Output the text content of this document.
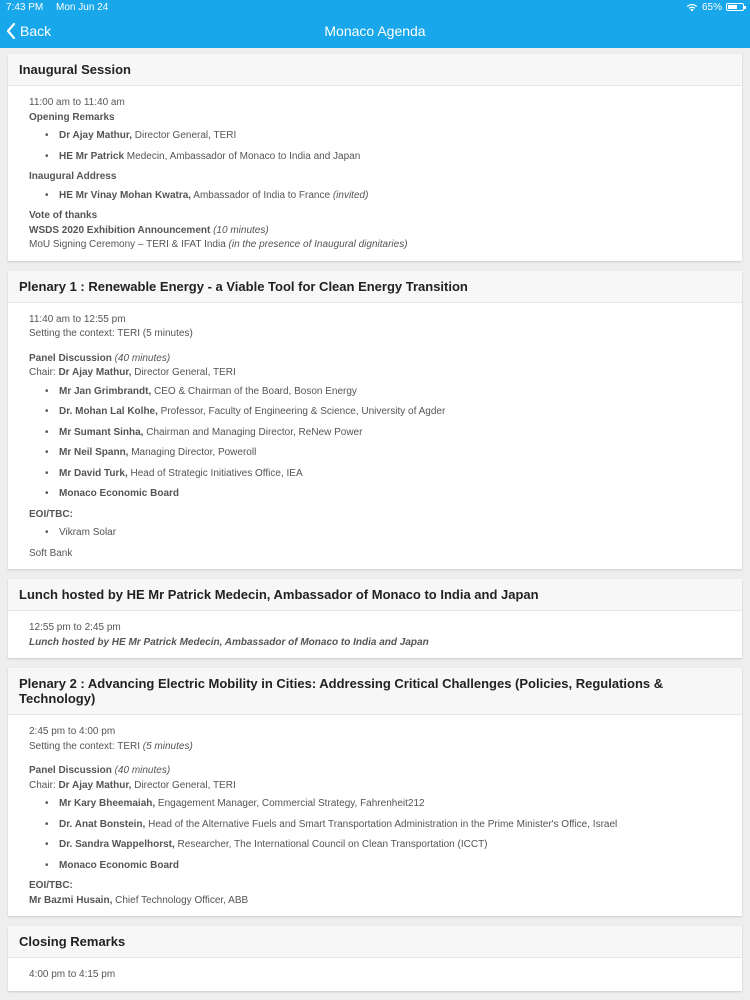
7:43 PM Mon Jun 24	65%
Back	Monaco Agenda
Inaugural Session
11:00 am to 11:40 am
Opening Remarks
• Dr Ajay Mathur, Director General, TERI
• HE Mr Patrick Medecin, Ambassador of Monaco to India and Japan
Inaugural Address
• HE Mr Vinay Mohan Kwatra, Ambassador of India to France (invited)
Vote of thanks
WSDS 2020 Exhibition Announcement (10 minutes)
MoU Signing Ceremony – TERI & IFAT India (in the presence of Inaugural dignitaries)
Plenary 1 : Renewable Energy - a Viable Tool for Clean Energy Transition
11:40 am to 12:55 pm
Setting the context: TERI (5 minutes)
Panel Discussion (40 minutes)
Chair: Dr Ajay Mathur, Director General, TERI
• Mr Jan Grimbrandt, CEO & Chairman of the Board, Boson Energy
• Dr. Mohan Lal Kolhe, Professor, Faculty of Engineering & Science, University of Agder
• Mr Sumant Sinha, Chairman and Managing Director, ReNew Power
• Mr Neil Spann, Managing Director, Poweroll
• Mr David Turk, Head of Strategic Initiatives Office, IEA
• Monaco Economic Board
EOI/TBC:
• Vikram Solar
Soft Bank
Lunch hosted by HE Mr Patrick Medecin, Ambassador of Monaco to India and Japan
12:55 pm to 2:45 pm
Lunch hosted by HE Mr Patrick Medecin, Ambassador of Monaco to India and Japan
Plenary 2 : Advancing Electric Mobility in Cities: Addressing Critical Challenges (Policies, Regulations & Technology)
2:45 pm to 4:00 pm
Setting the context: TERI (5 minutes)
Panel Discussion (40 minutes)
Chair: Dr Ajay Mathur, Director General, TERI
• Mr Kary Bheemaiah, Engagement Manager, Commercial Strategy, Fahrenheit212
• Dr. Anat Bonstein, Head of the Alternative Fuels and Smart Transportation Administration in the Prime Minister's Office, Israel
• Dr. Sandra Wappelhorst, Researcher, The International Council on Clean Transportation (ICCT)
• Monaco Economic Board
EOI/TBC:
Mr Bazmi Husain, Chief Technology Officer, ABB
Closing Remarks
4:00 pm to 4:15 pm
